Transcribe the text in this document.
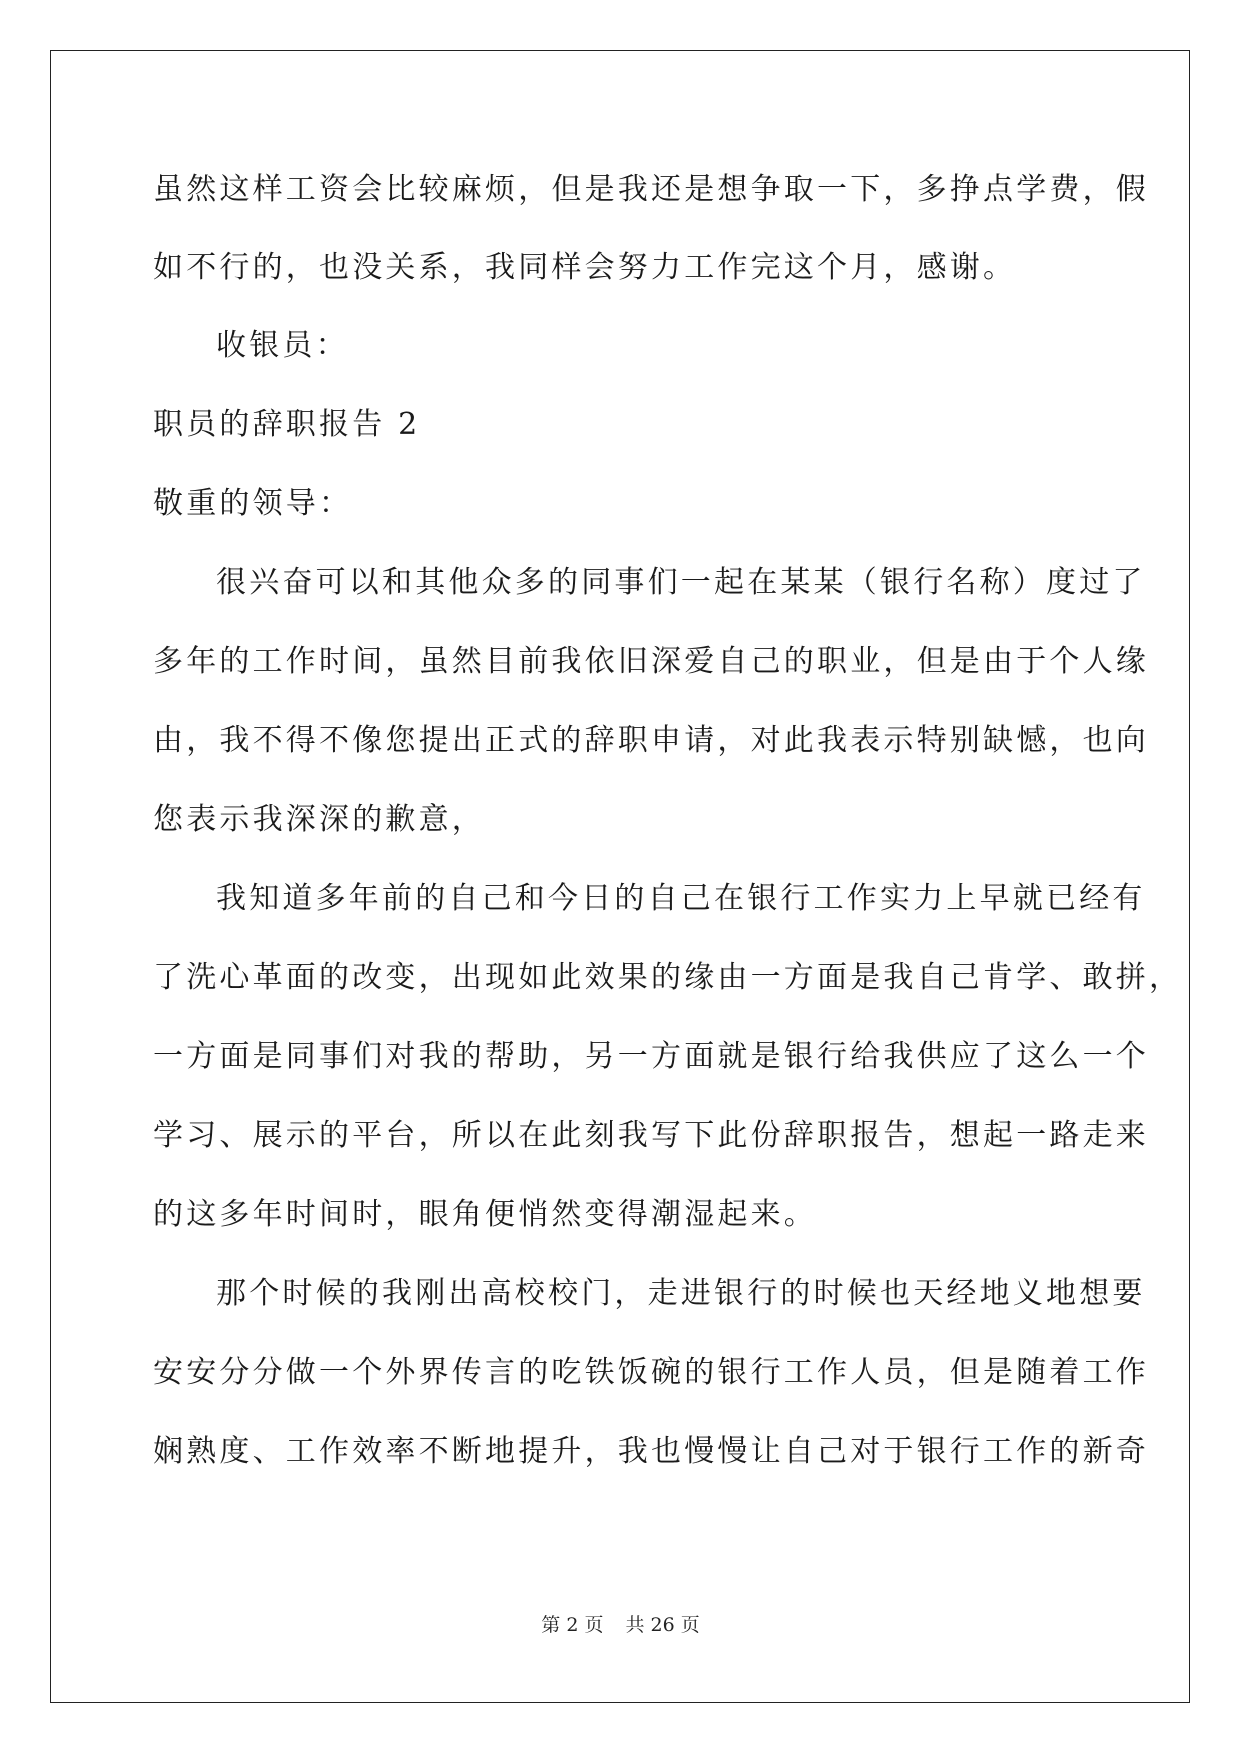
虽然这样工资会比较麻烦，但是我还是想争取一下，多挣点学费，假
如不行的，也没关系，我同样会努力工作完这个月，感谢。
收银员：
职员的辞职报告 2
敬重的领导：
很兴奋可以和其他众多的同事们一起在某某（银行名称）度过了
多年的工作时间，虽然目前我依旧深爱自己的职业，但是由于个人缘
由，我不得不像您提出正式的辞职申请，对此我表示特别缺憾，也向
您表示我深深的歉意，
我知道多年前的自己和今日的自己在银行工作实力上早就已经有
了洗心革面的改变，出现如此效果的缘由一方面是我自己肯学、敢拼，
一方面是同事们对我的帮助，另一方面就是银行给我供应了这么一个
学习、展示的平台，所以在此刻我写下此份辞职报告，想起一路走来
的这多年时间时，眼角便悄然变得潮湿起来。
那个时候的我刚出高校校门，走进银行的时候也天经地义地想要
安安分分做一个外界传言的吃铁饭碗的银行工作人员，但是随着工作
娴熟度、工作效率不断地提升，我也慢慢让自己对于银行工作的新奇
第 2 页 共 26 页
